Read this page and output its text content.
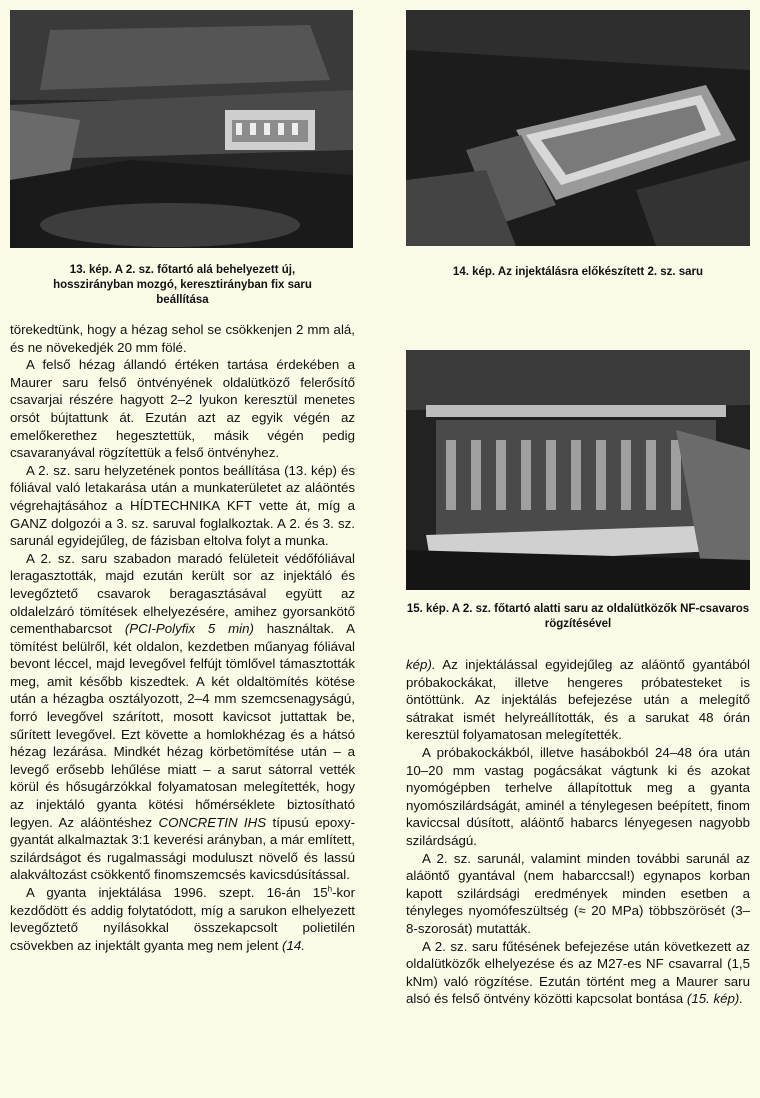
13. kép. A 2. sz. főtartó alá behelyezett új, hosszirányban mozgó, keresztirányban fix saru beállítása
14. kép. Az injektálásra előkészített 2. sz. saru
15. kép. A 2. sz. főtartó alatti saru az oldalütközők NF-csavaros rögzítésével

törekedtünk, hogy a hézag sehol se csökkenjen 2 mm alá, és ne növekedjék 20 mm fölé.

A felső hézag állandó értéken tartása érdekében a Maurer saru felső öntvényének oldalütköző felerősítő csavarjai részére hagyott 2–2 lyukon keresztül menetes orsót bújtattunk át. Ezután azt az egyik végén az emelőkerethez hegesztettük, másik végén pedig csavaranyával rögzítettük a felső öntvényhez.

A 2. sz. saru helyzetének pontos beállítása (13. kép) és fóliával való letakarása után a munkaterületet az aláöntés végrehajtásához a HÍDTECHNIKA KFT vette át, míg a GANZ dolgozói a 3. sz. saruval foglalkoztak. A 2. és 3. sz. sarunál egyidejűleg, de fázisban eltolva folyt a munka.

A 2. sz. saru szabadon maradó felületeit védőfóliával leragasztották, majd ezután került sor az injektáló és levegőztető csavarok beragasztásával együtt az oldalelzáró tömítések elhelyezésére, amihez gyorsankötő cementhabarcsot (PCI-Polyfix 5 min) használtak. A tömítést belülről, két oldalon, kezdetben műanyag fóliával bevont léccel, majd levegővel felfújt tömlővel támasztották meg, amit később kiszedtek. A két oldaltömítés kötése után a hézagba osztályozott, 2–4 mm szemcsenagyságú, forró levegővel szárított, mosott kavicsot juttattak be, sűrített levegővel. Ezt követte a homlokhézag és a hátsó hézag lezárása. Mindkét hézag körbetömítése után – a levegő erősebb lehűlése miatt – a sarut sátorral vették körül és hősugárzókkal folyamatosan melegítették, hogy az injektáló gyanta kötési hőmérséklete biztosítható legyen. Az aláöntéshez CONCRETIN IHS típusú epoxy-gyantát alkalmaztak 3:1 keverési arányban, a már említett, szilárdságot és rugalmassági moduluszt növelő és lassú alakváltozást csökkentő finomszemcsés kavicsdúsítással.

A gyanta injektálása 1996. szept. 16-án 15$^h$-kor kezdődött és addig folytatódott, míg a sarukon elhelyezett levegőztető nyílásokkal összekapcsolt polietilén csövekben az injektált gyanta meg nem jelent (14.

kép). Az injektálással egyidejűleg az aláöntő gyantából próbakockákat, illetve hengeres próbatesteket is öntöttünk. Az injektálás befejezése után a melegítő sátrakat ismét helyreállították, és a sarukat 48 órán keresztül folyamatosan melegítették.

A próbakockákból, illetve hasábokból 24–48 óra után 10–20 mm vastag pogácsákat vágtunk ki és azokat nyomógépben terhelve állapítottuk meg a gyanta nyomószilárdságát, aminél a ténylegesen beépített, finom kaviccsal dúsított, aláöntő habarcs lényegesen nagyobb szilárdságú.

A 2. sz. sarunál, valamint minden további sarunál az aláöntő gyantával (nem habarccsal!) egynapos korban kapott szilárdsági eredmények minden esetben a tényleges nyomófeszültség (≈ 20 MPa) többszörösét (3–8-szorosát) mutatták.

A 2. sz. saru fűtésének befejezése után következett az oldalütközők elhelyezése és az M27-es NF csavarral (1,5 kNm) való rögzítése. Ezután történt meg a Maurer saru alsó és felső öntvény közötti kapcsolat bontása (15. kép).
